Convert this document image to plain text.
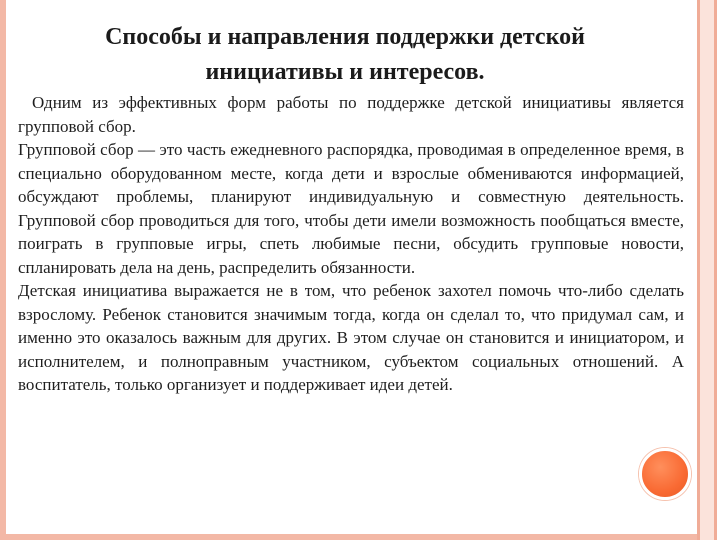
Способы и направления поддержки детской
инициативы и интересов.

Одним из эффективных форм работы по поддержке детской инициативы является групповой сбор.

Групповой сбор — это часть ежедневного распорядка, проводимая в определенное время, в специально оборудованном месте, когда дети и взрослые обмениваются информацией, обсуждают проблемы, планируют индивидуальную и совместную деятельность. Групповой сбор проводиться для того, чтобы дети имели возможность пообщаться вместе, поиграть в групповые игры, спеть любимые песни, обсудить групповые новости, спланировать дела на день, распределить обязанности.

Детская инициатива выражается не в том, что ребенок захотел помочь что-либо сделать взрослому. Ребенок становится значимым тогда, когда он сделал то, что придумал сам, и именно это оказалось важным для других. В этом случае он становится и инициатором, и исполнителем, и полноправным участником, субъектом социальных отношений. А воспитатель, только организует и поддерживает идеи детей.
